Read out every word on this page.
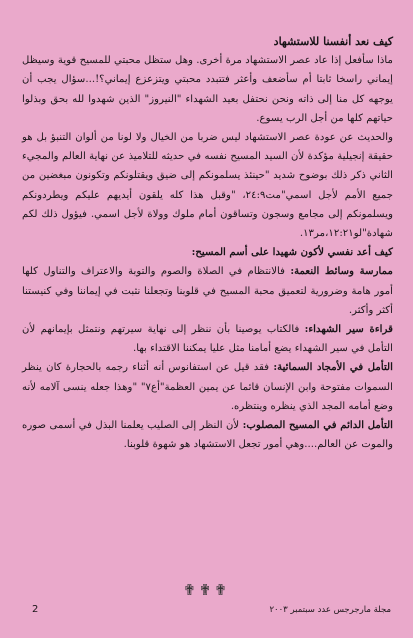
كيف نعد أنفسنا للاستشهاد

ماذا سأفعل إذا عاد عصر الاستشهاد مرة أخرى. وهل ستظل محبتي للمسيح قوية وسيظل إيماني راسخا ثابتا أم سأضعف وأعثر فتتبدد محبتي ويتزعزع إيماني؟!...سؤال يجب أن يوجهه كل منا إلى ذاته ونحن نحتفل بعيد الشهداء "النيروز" الذين شهدوا لله بحق وبذلوا حياتهم كلها من أجل الرب يسوع.

والحديث عن عودة عصر الاستشهاد ليس ضربا من الخيال ولا لونا من ألوان التنبؤ بل هو حقيقة إنجيلية مؤكدة لأن السيد المسيح نفسه في حديثه للتلاميذ عن نهاية العالم والمجيء الثاني ذكر ذلك بوضوح شديد "حينئذ يسلمونكم إلى ضيق ويقتلونكم وتكونون مبغضين من جميع الأمم لأجل اسمي"مت٢٤:٩، "وقبل هذا كله يلقون أيديهم عليكم ويطردونكم ويسلمونكم إلى مجامع وسجون وتساقون أمام ملوك وولاة لأجل اسمي. فيؤول ذلك لكم شهادة"لو١٢:٢١،مر١٣.

كيف أعد نفسي لأكون شهيدا على أسم المسيح:

ممارسة وسائط النعمة: فالانتظام في الصلاة والصوم والتوبة والاعتراف والتناول كلها أمور هامة وضرورية لتعميق محبة المسيح في قلوبنا وتجعلنا نثبت في إيماننا وفي كنيستنا أكثر وأكثر.

قراءة سير الشهداء: فالكتاب يوصينا بأن ننظر إلى نهاية سيرتهم ونتمثل بإيمانهم لأن التأمل في سير الشهداء يضع أمامنا مثل عليا يمكننا الاقتداء بها.

التأمل في الأمجاد السمائية: فقد قيل عن استفانوس أنه أثناء رجمه بالحجارة كان ينظر السموات مفتوحة وابن الإنسان قائما عن يمين العظمة"أع٧" "وهذا جعله ينسى آلامه لأنه وضع أمامه المجد الذي ينظره وينتظره.

التأمل الدائم في المسيح المصلوب: لأن النظر إلى الصليب يعلمنا البذل في أسمى صوره والموت عن العالم....وهي أمور تجعل الاستشهاد هو شهوة قلوبنا.

✟✟✟
2	مجلة مارجرجس عدد سبتمبر ٢٠٠٣
